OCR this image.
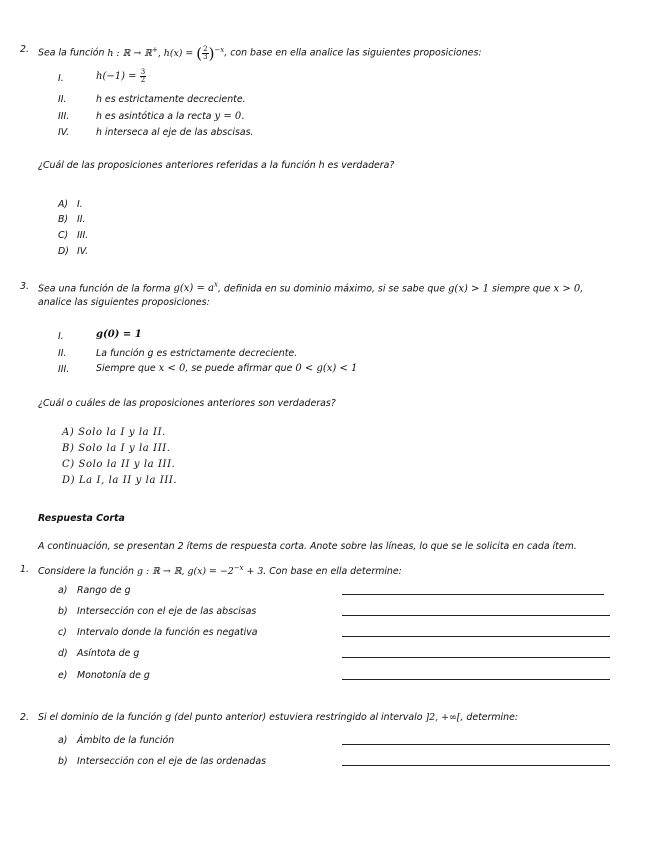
2. Sea la función h : ℝ → ℝ+, h(x) = ( $\frac{2}{3} )^{-x}$, con base en ella analice las siguientes proposiciones:
I.	$h(-1) = \frac{3}{2}$
II.	h es estrictamente decreciente.
III.	h es asintótica a la recta y = 0.
IV.	h interseca al eje de las abscisas.
¿Cuál de las proposiciones anteriores referidas a la función h es verdadera?
A) I.
B) II.
C) III.
D) IV.
3. Sea una función de la forma $g(x) = a^x$, definida en su dominio máximo, si se sabe que g(x) > 1 siempre que x > 0,
analice las siguientes proposiciones:
I.	g(0) = 1
II.	La función g es estrictamente decreciente.
III.	Siempre que x < 0, se puede afirmar que 0 < g(x) < 1
¿Cuál o cuáles de las proposiciones anteriores son verdaderas?
A) Solo la I y la II.
B) Solo la I y la III.
C) Solo la II y la III.
D) La I, la II y la III.
Respuesta Corta
A continuación, se presentan 2 ítems de respuesta corta. Anote sobre las líneas, lo que se le solicita en cada ítem.
1. Considere la función g : ℝ → ℝ, $g(x) = -2^{-x} + 3$. Con base en ella determine:
a) Rango de g
b) Intersección con el eje de las abscisas
c) Intervalo donde la función es negativa
d) Asíntota de g
e) Monotonía de g
2. Si el dominio de la función g (del punto anterior) estuviera restringido al intervalo ]2, +∞[, determine:
a) Ámbito de la función
b) Intersección con el eje de las ordenadas
